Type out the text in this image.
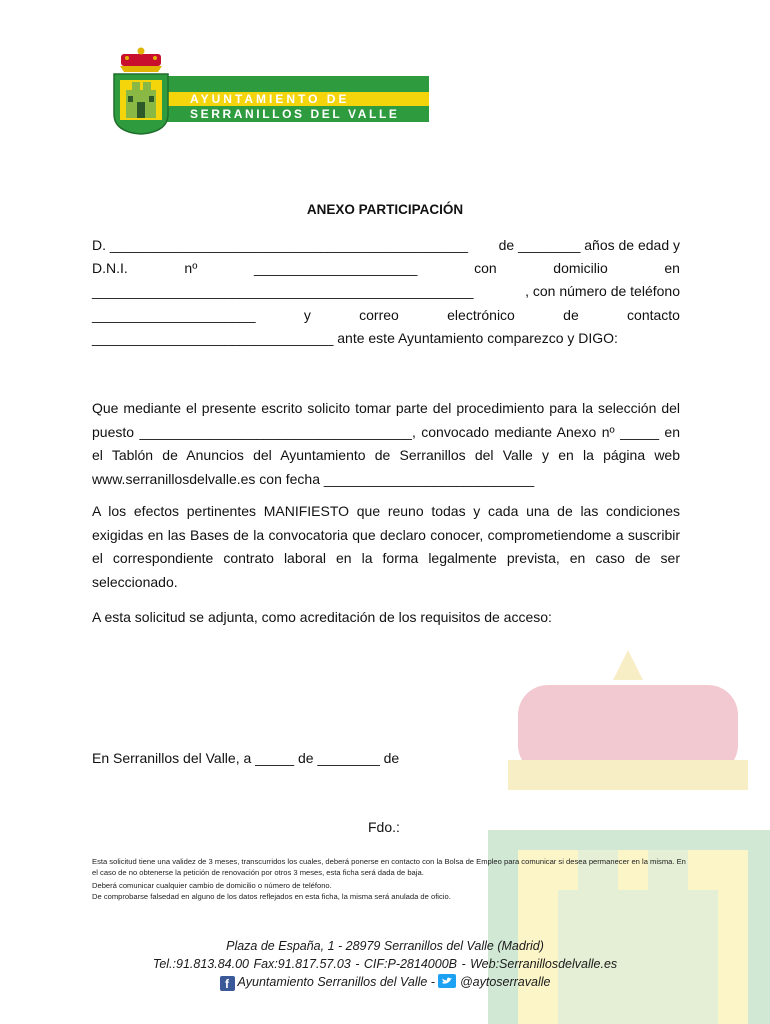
AYUNTAMIENTO DE
SERRANILLOS DEL VALLE
ANEXO PARTICIPACIÓN
D. ______________________________________________ de ________ años de edad y
D.N.I.	nº	_____________________	con	domicilio	en
_________________________________________________	, con número de teléfono
_____________________	y	correo	electrónico	de	contacto
_______________________________ ante este Ayuntamiento comparezco y DIGO:
Que mediante el presente escrito solicito tomar parte del procedimiento para la selección del puesto ___________________________________, convocado mediante Anexo nº _____ en el Tablón de Anuncios del Ayuntamiento de Serranillos del Valle y en la página web www.serranillosdelvalle.es con fecha ___________________________
A los efectos pertinentes MANIFIESTO que reuno todas y cada una de las condiciones exigidas en las Bases de la convocatoria que declaro conocer, comprometiendome a suscribir el correspondiente contrato laboral en la forma legalmente prevista, en caso de ser seleccionado.
A esta solicitud se adjunta, como acreditación de los requisitos de acceso:
En Serranillos del Valle, a _____ de ________ de
Fdo.:
Esta solicitud tiene una validez de 3 meses, transcurridos los cuales, deberá ponerse en contacto con la Bolsa de Empleo para comunicar si desea permanecer en la misma. En el caso de no obtenerse la petición de renovación por otros 3 meses, esta ficha será dada de baja.
Deberá comunicar cualquier cambio de domicilio o número de teléfono.
De comprobarse falsedad en alguno de los datos reflejados en esta ficha, la misma será anulada de oficio.
Plaza de España, 1 - 28979 Serranillos del Valle (Madrid)
Tel.:91.813.84.00 Fax:91.817.57.03 - CIF:P-2814000B - Web:Serranillosdelvalle.es
f Ayuntamiento Serranillos del Valle - @aytoserravalle
